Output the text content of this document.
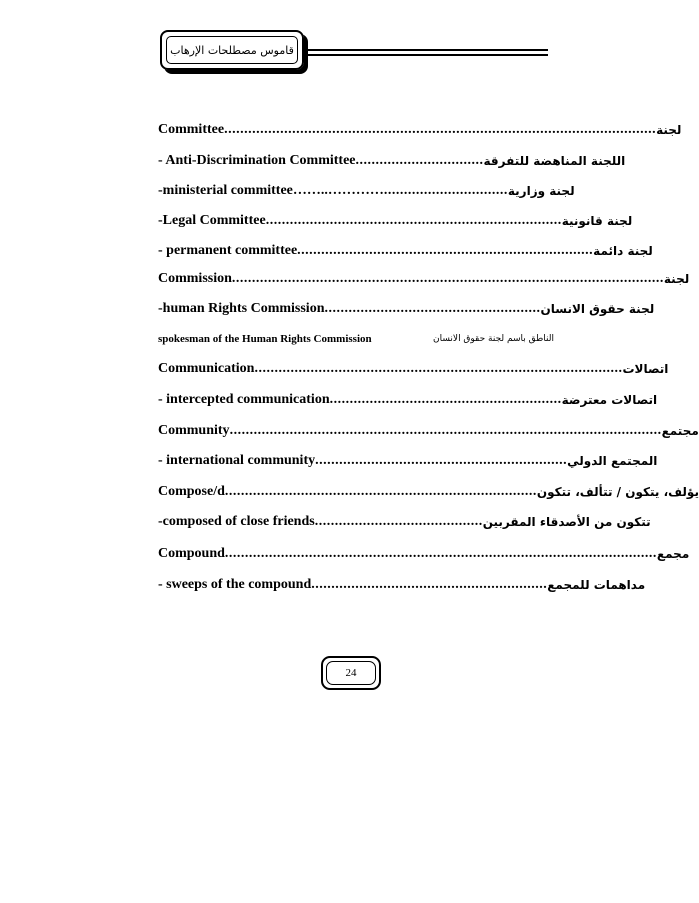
قاموس مصطلحات الإرهاب
Committee ............................................................................................................ لجنة
- Anti-Discrimination Committee ................................ اللجنة المناهضة للتفرقة
-ministerial committee……..………… ............................... لجنة وزارية
-Legal Committee .......................................................................... لجنة قانونية
- permanent committee .......................................................................... لجنة دائمة
Commission ............................................................................................................ لجنة
-human Rights Commission ...................................................... لجنة حقوق الانسان
spokesman of the Human Rights Commission	الناطق باسم لجنة حقوق الانسان
Communication ............................................................................................ اتصالات
- intercepted communication .......................................................... اتصالات معترضة
Community ............................................................................................................ مجتمع
- international community ............................................................... المجتمع الدولي
Compose/d .............................................................................. يؤلف، يتكون / تتألف، تتكون
-composed of close friends .......................................... تتكون من الأصدقاء المقربين
Compound ............................................................................................................ مجمع
- sweeps of the compound ........................................................... مداهمات للمجمع
24
